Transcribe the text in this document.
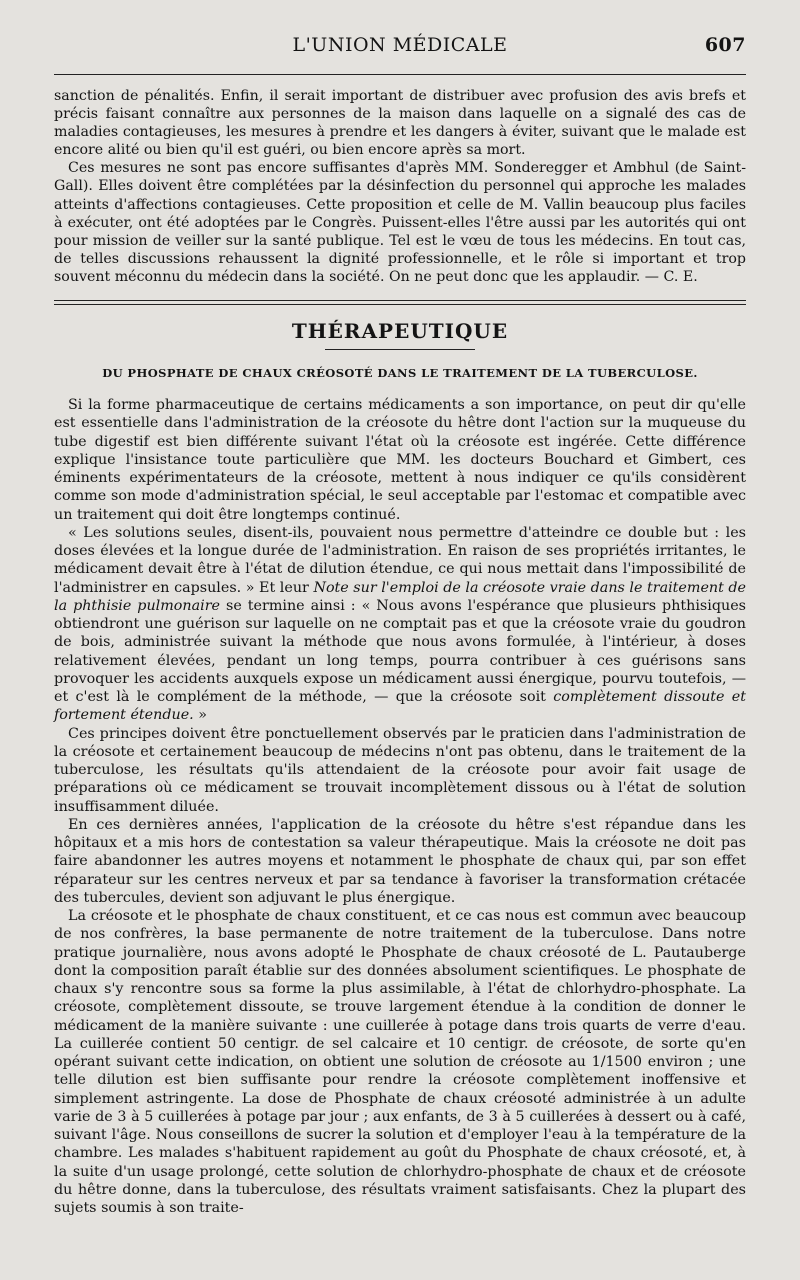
L'UNION MÉDICALE	607

sanction de pénalités. Enfin, il serait important de distribuer avec profusion des avis brefs et précis faisant connaître aux personnes de la maison dans laquelle on a signalé des cas de maladies contagieuses, les mesures à prendre et les dangers à éviter, suivant que le malade est encore alité ou bien qu'il est guéri, ou bien encore après sa mort.

Ces mesures ne sont pas encore suffisantes d'après MM. Sonderegger et Ambhul (de Saint-Gall). Elles doivent être complétées par la désinfection du personnel qui approche les malades atteints d'affections contagieuses. Cette proposition et celle de M. Vallin beaucoup plus faciles à exécuter, ont été adoptées par le Congrès. Puissent-elles l'être aussi par les autorités qui ont pour mission de veiller sur la santé publique. Tel est le vœu de tous les médecins. En tout cas, de telles discussions rehaussent la dignité professionnelle, et le rôle si important et trop souvent méconnu du médecin dans la société. On ne peut donc que les applaudir. — C. E.

THÉRAPEUTIQUE
DU PHOSPHATE DE CHAUX CRÉOSOTÉ DANS LE TRAITEMENT DE LA TUBERCULOSE.

Si la forme pharmaceutique de certains médicaments a son importance, on peut dir qu'elle est essentielle dans l'administration de la créosote du hêtre dont l'action sur la muqueuse du tube digestif est bien différente suivant l'état où la créosote est ingérée. Cette différence explique l'insistance toute particulière que MM. les docteurs Bouchard et Gimbert, ces éminents expérimentateurs de la créosote, mettent à nous indiquer ce qu'ils considèrent comme son mode d'administration spécial, le seul acceptable par l'estomac et compatible avec un traitement qui doit être longtemps continué.

« Les solutions seules, disent-ils, pouvaient nous permettre d'atteindre ce double but : les doses élevées et la longue durée de l'administration. En raison de ses propriétés irritantes, le médicament devait être à l'état de dilution étendue, ce qui nous mettait dans l'impossibilité de l'administrer en capsules. » Et leur Note sur l'emploi de la créosote vraie dans le traitement de la phthisie pulmonaire se termine ainsi : « Nous avons l'espérance que plusieurs phthisiques obtiendront une guérison sur laquelle on ne comptait pas et que la créosote vraie du goudron de bois, administrée suivant la méthode que nous avons formulée, à l'intérieur, à doses relativement élevées, pendant un long temps, pourra contribuer à ces guérisons sans provoquer les accidents auxquels expose un médicament aussi énergique, pourvu toutefois, — et c'est là le complément de la méthode, — que la créosote soit complètement dissoute et fortement étendue. »

Ces principes doivent être ponctuellement observés par le praticien dans l'administration de la créosote et certainement beaucoup de médecins n'ont pas obtenu, dans le traitement de la tuberculose, les résultats qu'ils attendaient de la créosote pour avoir fait usage de préparations où ce médicament se trouvait incomplètement dissous ou à l'état de solution insuffisamment diluée.

En ces dernières années, l'application de la créosote du hêtre s'est répandue dans les hôpitaux et a mis hors de contestation sa valeur thérapeutique. Mais la créosote ne doit pas faire abandonner les autres moyens et notamment le phosphate de chaux qui, par son effet réparateur sur les centres nerveux et par sa tendance à favoriser la transformation crétacée des tubercules, devient son adjuvant le plus énergique.

La créosote et le phosphate de chaux constituent, et ce cas nous est commun avec beaucoup de nos confrères, la base permanente de notre traitement de la tuberculose. Dans notre pratique journalière, nous avons adopté le Phosphate de chaux créosoté de L. Pautauberge dont la composition paraît établie sur des données absolument scientifiques. Le phosphate de chaux s'y rencontre sous sa forme la plus assimilable, à l'état de chlorhydro-phosphate. La créosote, complètement dissoute, se trouve largement étendue à la condition de donner le médicament de la manière suivante : une cuillerée à potage dans trois quarts de verre d'eau. La cuillerée contient 50 centigr. de sel calcaire et 10 centigr. de créosote, de sorte qu'en opérant suivant cette indication, on obtient une solution de créosote au 1/1500 environ ; une telle dilution est bien suffisante pour rendre la créosote complètement inoffensive et simplement astringente. La dose de Phosphate de chaux créosoté administrée à un adulte varie de 3 à 5 cuillerées à potage par jour ; aux enfants, de 3 à 5 cuillerées à dessert ou à café, suivant l'âge. Nous conseillons de sucrer la solution et d'employer l'eau à la température de la chambre. Les malades s'habituent rapidement au goût du Phosphate de chaux créosoté, et, à la suite d'un usage prolongé, cette solution de chlorhydro-phosphate de chaux et de créosote du hêtre donne, dans la tuberculose, des résultats vraiment satisfaisants. Chez la plupart des sujets soumis à son traite-
